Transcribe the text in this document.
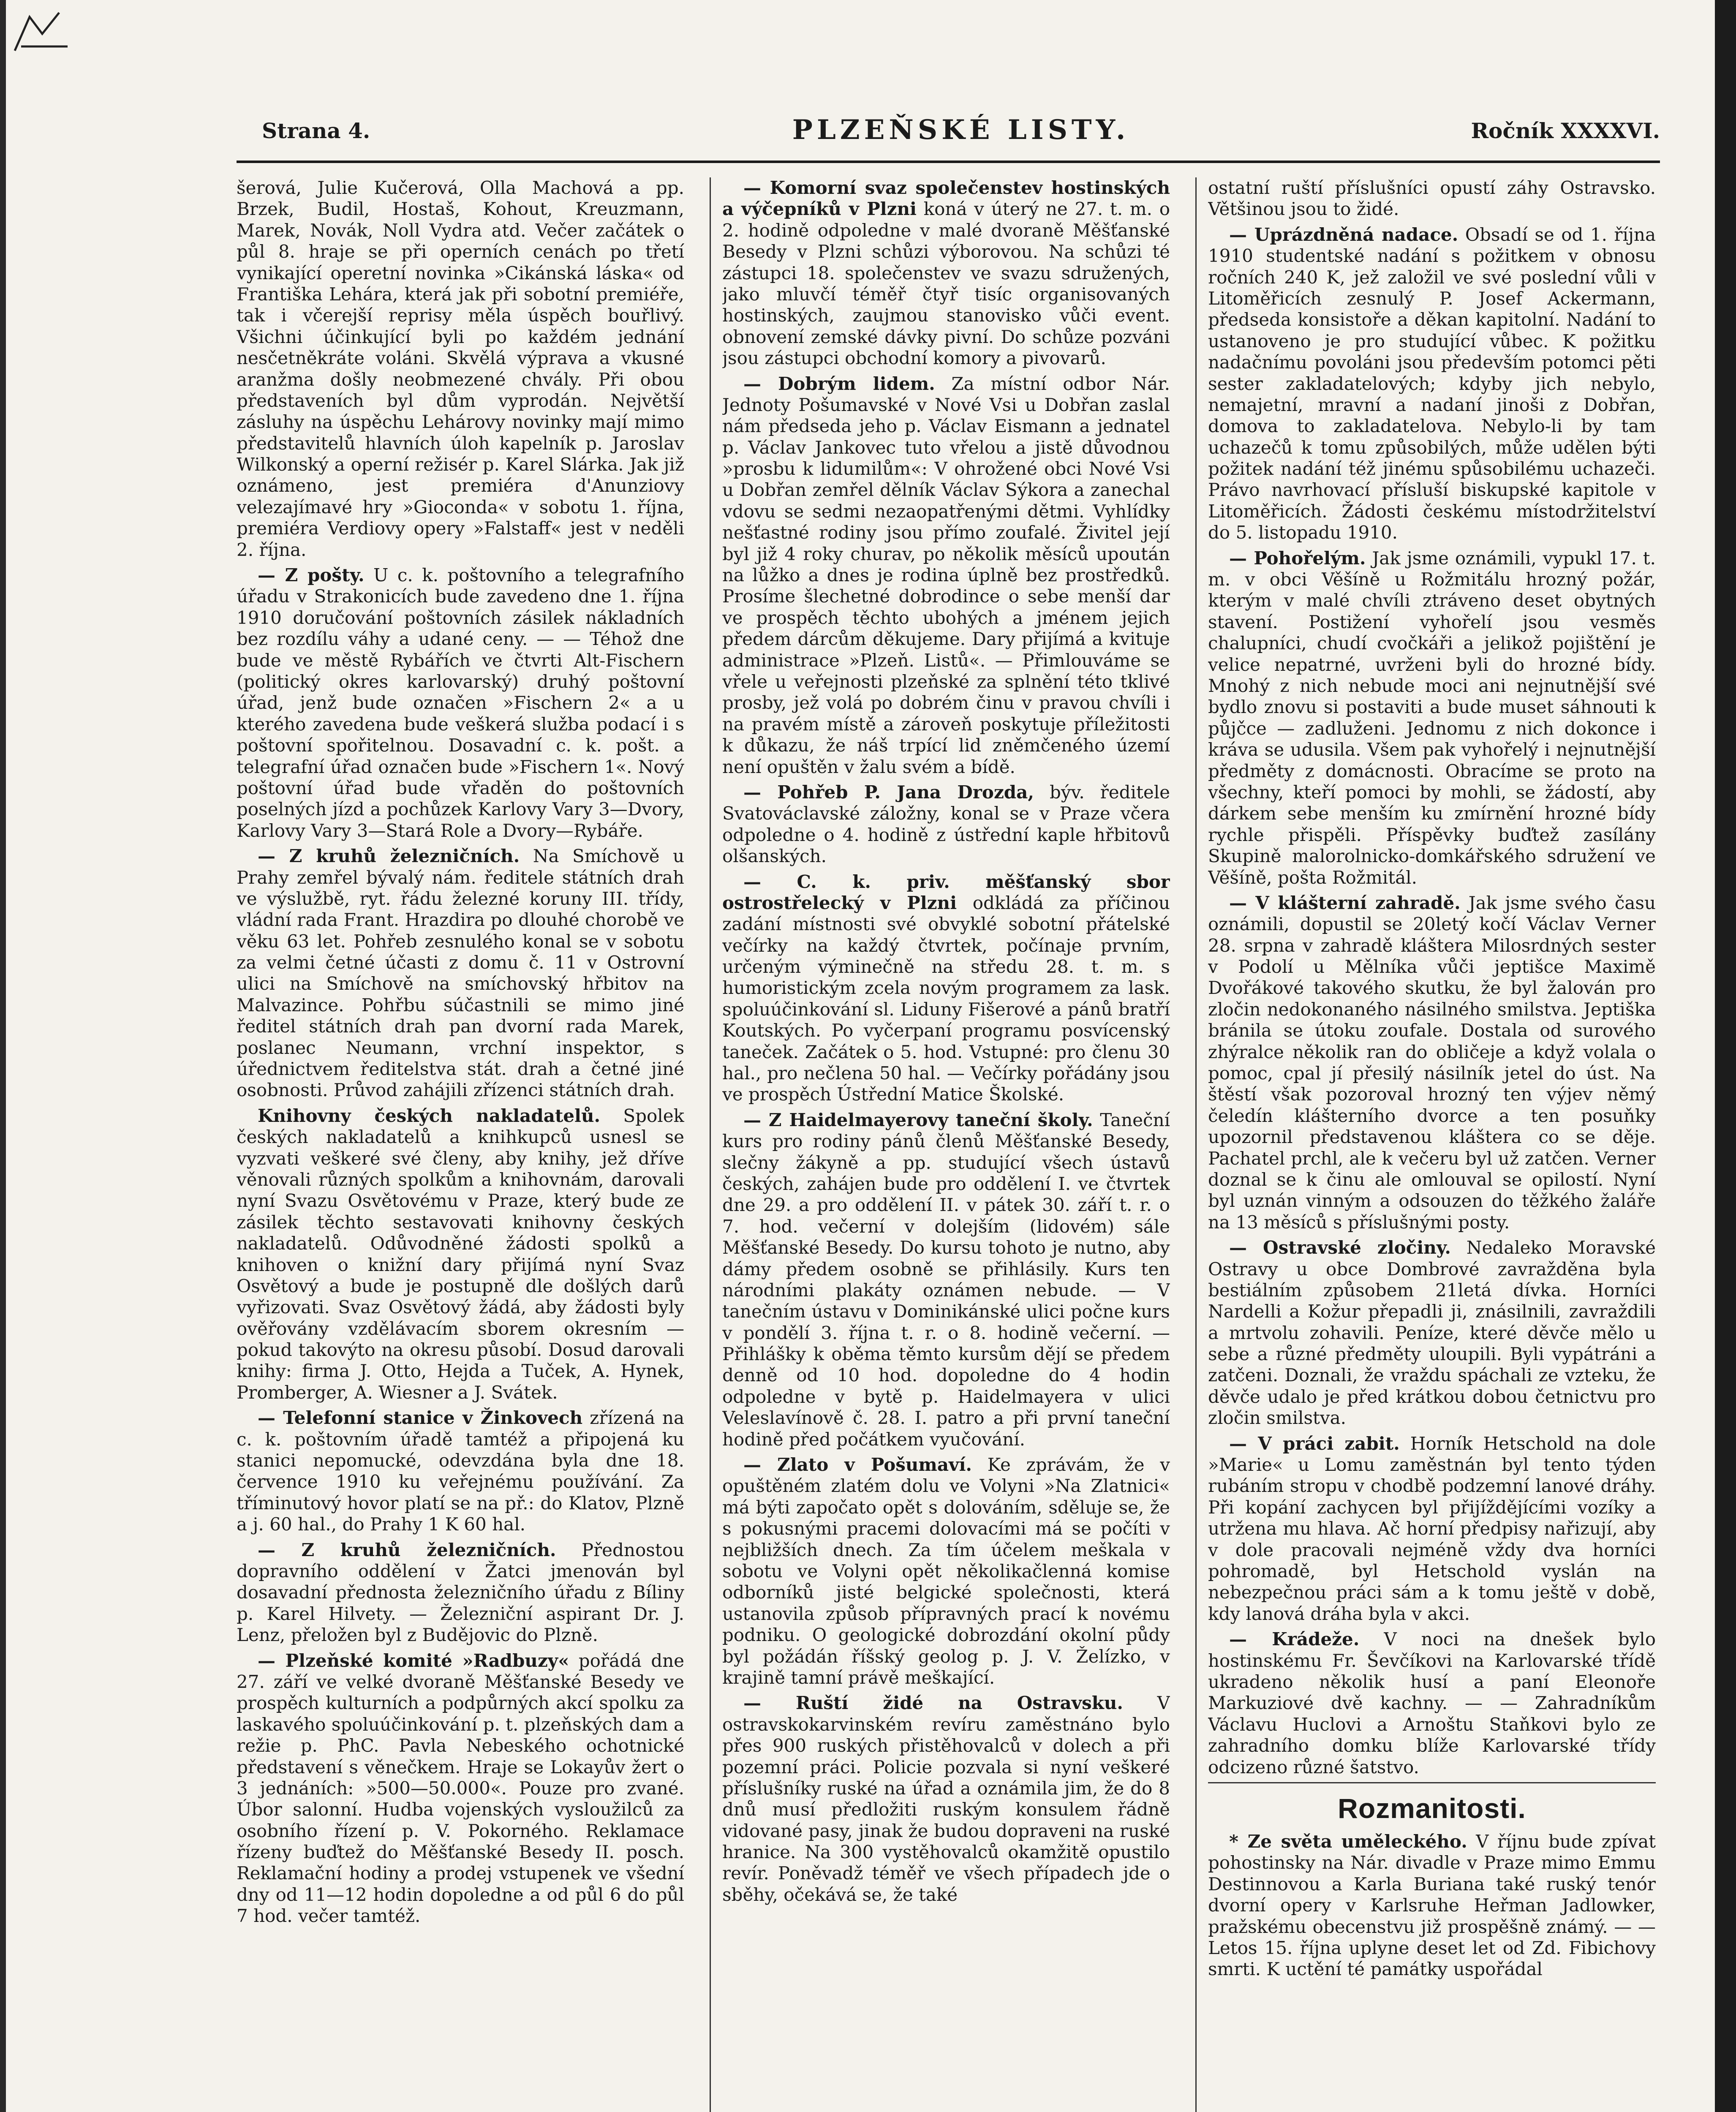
Strana 4.	PLZEŇSKÉ LISTY.	Ročník XXXXVI.

šerová, Julie Kučerová, Olla Machová a pp. Brzek, Budil, Hostaš, Kohout, Kreuzmann, Marek, Novák, Noll Vydra atd. Večer začátek o půl 8. hraje se při operních cenách po třetí vynikající operetní novinka »Cikánská láska« od Františka Lehára, která jak při sobotní premiéře, tak i včerejší reprisy měla úspěch bouřlivý. Všichni účinkující byli po každém jednání nesčetněkráte voláni. Skvělá výprava a vkusné aranžma došly neobmezené chvály. Při obou představeních byl dům vyprodán. Největší zásluhy na úspěchu Lehárovy novinky mají mimo představitelů hlavních úloh kapelník p. Jaroslav Wilkonský a operní režisér p. Karel Slárka. Jak již oznámeno, jest premiéra d'Anunziovy velezajímavé hry »Gioconda« v sobotu 1. října, premiéra Verdiovy opery »Falstaff« jest v neděli 2. října.

— Z pošty. U c. k. poštovního a telegrafního úřadu v Strakonicích bude zavedeno dne 1. října 1910 doručování poštovních zásilek nákladních bez rozdílu váhy a udané ceny. — — Téhož dne bude ve městě Rybářích ve čtvrti Alt-Fischern (politický okres karlovarský) druhý poštovní úřad, jenž bude označen »Fischern 2« a u kterého zavedena bude veškerá služba podací i s poštovní spořitelnou. Dosavadní c. k. pošt. a telegrafní úřad označen bude »Fischern 1«. Nový poštovní úřad bude vřaděn do poštovních poselných jízd a pochůzek Karlovy Vary 3—Dvory, Karlovy Vary 3—Stará Role a Dvory—Rybáře.

— Z kruhů železničních. Na Smíchově u Prahy zemřel bývalý nám. ředitele státních drah ve výslužbě, ryt. řádu železné koruny III. třídy, vládní rada Frant. Hrazdira po dlouhé chorobě ve věku 63 let. Pohřeb zesnulého konal se v sobotu za velmi četné účasti z domu č. 11 v Ostrovní ulici na Smíchově na smíchovský hřbitov na Malvazince. Pohřbu súčastnili se mimo jiné ředitel státních drah pan dvorní rada Marek, poslanec Neumann, vrchní inspektor, s úřednictvem ředitelstva stát. drah a četné jiné osobnosti. Průvod zahájili zřízenci státních drah.

Knihovny českých nakladatelů. Spolek českých nakladatelů a knihkupců usnesl se vyzvati veškeré své členy, aby knihy, jež dříve věnovali různých spolkům a knihovnám, darovali nyní Svazu Osvětovému v Praze, který bude ze zásilek těchto sestavovati knihovny českých nakladatelů. Odůvodněné žádosti spolků a knihoven o knižní dary přijímá nyní Svaz Osvětový a bude je postupně dle došlých darů vyřizovati. Svaz Osvětový žádá, aby žádosti byly ověřovány vzdělávacím sborem okresním — pokud takovýto na okresu působí. Dosud darovali knihy: firma J. Otto, Hejda a Tuček, A. Hynek, Promberger, A. Wiesner a J. Svátek.

— Telefonní stanice v Žinkovech zřízená na c. k. poštovním úřadě tamtéž a připojená ku stanici nepomucké, odevzdána byla dne 18. července 1910 ku veřejnému používání. Za tříminutový hovor platí se na př.: do Klatov, Plzně a j. 60 hal., do Prahy 1 K 60 hal.

— Z kruhů železničních. Přednostou dopravního oddělení v Žatci jmenován byl dosavadní přednosta železničního úřadu z Bíliny p. Karel Hilvety. — Železniční aspirant Dr. J. Lenz, přeložen byl z Budějovic do Plzně.

— Plzeňské komité »Radbuzy« pořádá dne 27. září ve velké dvoraně Měšťanské Besedy ve prospěch kulturních a podpůrných akcí spolku za laskavého spoluúčinkování p. t. plzeňských dam a režie p. PhC. Pavla Nebeského ochotnické představení s věnečkem. Hraje se Lokayův žert o 3 jednáních: »500—50.000«. Pouze pro zvané. Úbor salonní. Hudba vojenských vysloužilců za osobního řízení p. V. Pokorného. Reklamace řízeny buďtež do Měšťanské Besedy II. posch. Reklamační hodiny a prodej vstupenek ve všední dny od 11—12 hodin dopoledne a od půl 6 do půl 7 hod. večer tamtéž.

— Komorní svaz společenstev hostinských a výčepníků v Plzni koná v úterý ne 27. t. m. o 2. hodině odpoledne v malé dvoraně Měšťanské Besedy v Plzni schůzi výborovou. Na schůzi té zástupci 18. společenstev ve svazu sdružených, jako mluvčí téměř čtyř tisíc organisovaných hostinských, zaujmou stanovisko vůči event. obnovení zemské dávky pivní. Do schůze pozváni jsou zástupci obchodní komory a pivovarů.

— Dobrým lidem. Za místní odbor Nár. Jednoty Pošumavské v Nové Vsi u Dobřan zaslal nám předseda jeho p. Václav Eismann a jednatel p. Václav Jankovec tuto vřelou a jistě důvodnou »prosbu k lidumilům«: V ohrožené obci Nové Vsi u Dobřan zemřel dělník Václav Sýkora a zanechal vdovu se sedmi nezaopatřenými dětmi. Vyhlídky nešťastné rodiny jsou přímo zoufalé. Živitel její byl již 4 roky churav, po několik měsíců upoután na lůžko a dnes je rodina úplně bez prostředků. Prosíme šlechetné dobrodince o sebe menší dar ve prospěch těchto ubohých a jménem jejich předem dárcům děkujeme. Dary přijímá a kvituje administrace »Plzeň. Listů«. — Přimlouváme se vřele u veřejnosti plzeňské za splnění této tklivé prosby, jež volá po dobrém činu v pravou chvíli i na pravém místě a zároveň poskytuje příležitosti k důkazu, že náš trpící lid zněmčeného území není opuštěn v žalu svém a bídě.

— Pohřeb P. Jana Drozda, býv. ředitele Svatováclavské záložny, konal se v Praze včera odpoledne o 4. hodině z ústřední kaple hřbitovů olšanských.

— C. k. priv. měšťanský sbor ostrostřelecký v Plzni odkládá za příčinou zadání místnosti své obvyklé sobotní přátelské večírky na každý čtvrtek, počínaje prvním, určeným výminečně na středu 28. t. m. s humoristickým zcela novým programem za lask. spoluúčinkování sl. Liduny Fišerové a pánů bratří Koutských. Po vyčerpaní programu posvícenský taneček. Začátek o 5. hod. Vstupné: pro členu 30 hal., pro nečlena 50 hal. — Večírky pořádány jsou ve prospěch Ústřední Matice Školské.

— Z Haidelmayerovy taneční školy. Taneční kurs pro rodiny pánů členů Měšťanské Besedy, slečny žákyně a pp. studující všech ústavů českých, zahájen bude pro oddělení I. ve čtvrtek dne 29. a pro oddělení II. v pátek 30. září t. r. o 7. hod. večerní v dolejším (lidovém) sále Měšťanské Besedy. Do kursu tohoto je nutno, aby dámy předem osobně se přihlásily. Kurs ten národními plakáty oznámen nebude. — V tanečním ústavu v Dominikánské ulici počne kurs v pondělí 3. října t. r. o 8. hodině večerní. — Přihlášky k oběma těmto kursům dějí se předem denně od 10 hod. dopoledne do 4 hodin odpoledne v bytě p. Haidelmayera v ulici Veleslavínově č. 28. I. patro a při první taneční hodině před počátkem vyučování.

— Zlato v Pošumaví. Ke zprávám, že v opuštěném zlatém dolu ve Volyni »Na Zlatnici« má býti započato opět s dolováním, sděluje se, že s pokusnými pracemi dolovacími má se počíti v nejbližších dnech. Za tím účelem meškala v sobotu ve Volyni opět několikačlenná komise odborníků jisté belgické společnosti, která ustanovila způsob přípravných prací k novému podniku. O geologické dobrozdání okolní půdy byl požádán říšský geolog p. J. V. Želízko, v krajině tamní právě meškající.

— Ruští židé na Ostravsku. V ostravskokarvinském revíru zaměstnáno bylo přes 900 ruských přistěhovalců v dolech a při pozemní práci. Policie pozvala si nyní veškeré příslušníky ruské na úřad a oznámila jim, že do 8 dnů musí předložiti ruským konsulem řádně vidované pasy, jinak že budou dopraveni na ruské hranice. Na 300 vystěhovalců okamžitě opustilo revír. Poněvadž téměř ve všech případech jde o sběhy, očekává se, že také

ostatní ruští příslušníci opustí záhy Ostravsko. Většinou jsou to židé.

— Uprázdněná nadace. Obsadí se od 1. října 1910 studentské nadání s požitkem v obnosu ročních 240 K, jež založil ve své poslední vůli v Litoměřicích zesnulý P. Josef Ackermann, předseda konsistoře a děkan kapitolní. Nadání to ustanoveno je pro studující vůbec. K požitku nadačnímu povoláni jsou především potomci pěti sester zakladatelových; kdyby jich nebylo, nemajetní, mravní a nadaní jinoši z Dobřan, domova to zakladatelova. Nebylo-li by tam uchazečů k tomu způsobilých, může udělen býti požitek nadání též jinému spůsobilému uchazeči. Právo navrhovací přísluší biskupské kapitole v Litoměřicích. Žádosti českému místodržitelství do 5. listopadu 1910.

— Pohořelým. Jak jsme oznámili, vypukl 17. t. m. v obci Věšíně u Rožmitálu hrozný požár, kterým v malé chvíli ztráveno deset obytných stavení. Postižení vyhořelí jsou vesměs chalupníci, chudí cvočkáři a jelikož pojištění je velice nepatrné, uvrženi byli do hrozné bídy. Mnohý z nich nebude moci ani nejnutnější své bydlo znovu si postaviti a bude muset sáhnouti k půjčce — zadluženi. Jednomu z nich dokonce i kráva se udusila. Všem pak vyhořelý i nejnutnější předměty z domácnosti. Obracíme se proto na všechny, kteří pomoci by mohli, se žádostí, aby dárkem sebe menším ku zmírnění hrozné bídy rychle přispěli. Příspěvky buďtež zasílány Skupině malorolnicko-domkářského sdružení ve Věšíně, pošta Rožmitál.

— V klášterní zahradě. Jak jsme svého času oznámili, dopustil se 20letý kočí Václav Verner 28. srpna v zahradě kláštera Milosrdných sester v Podolí u Mělníka vůči jeptišce Maximě Dvořákové takového skutku, že byl žalován pro zločin nedokonaného násilného smilstva. Jeptiška bránila se útoku zoufale. Dostala od surového zhýralce několik ran do obličeje a když volala o pomoc, cpal jí přesilý násilník jetel do úst. Na štěstí však pozoroval hrozný ten výjev němý čeledín klášterního dvorce a ten posuňky upozornil představenou kláštera co se děje. Pachatel prchl, ale k večeru byl už zatčen. Verner doznal se k činu ale omlouval se opilostí. Nyní byl uznán vinným a odsouzen do těžkého žaláře na 13 měsíců s příslušnými posty.

— Ostravské zločiny. Nedaleko Moravské Ostravy u obce Dombrové zavražděna byla bestiálním způsobem 21letá dívka. Horníci Nardelli a Kožur přepadli ji, znásilnili, zavraždili a mrtvolu zohavili. Peníze, které děvče mělo u sebe a různé předměty uloupili. Byli vypátráni a zatčeni. Doznali, že vraždu spáchali ze vzteku, že děvče udalo je před krátkou dobou četnictvu pro zločin smilstva.

— V práci zabit. Horník Hetschold na dole »Marie« u Lomu zaměstnán byl tento týden rubáním stropu v chodbě podzemní lanové dráhy. Při kopání zachycen byl přijíždějícími vozíky a utržena mu hlava. Ač horní předpisy nařizují, aby v dole pracovali nejméně vždy dva horníci pohromadě, byl Hetschold vyslán na nebezpečnou práci sám a k tomu ještě v době, kdy lanová dráha byla v akci.

— Krádeže. V noci na dnešek bylo hostinskému Fr. Ševčíkovi na Karlovarské třídě ukradeno několik husí a paní Eleonoře Markuziové dvě kachny. — — Zahradníkům Václavu Huclovi a Arnoštu Staňkovi bylo ze zahradního domku blíže Karlovarské třídy odcizeno různé šatstvo.

Rozmanitosti.

* Ze světa uměleckého. V říjnu bude zpívat pohostinsky na Nár. divadle v Praze mimo Emmu Destinnovou a Karla Buriana také ruský tenór dvorní opery v Karlsruhe Heřman Jadlowker, pražskému obecenstvu již prospěšně známý. — — Letos 15. října uplyne deset let od Zd. Fibichovy smrti. K uctění té památky uspořádal
